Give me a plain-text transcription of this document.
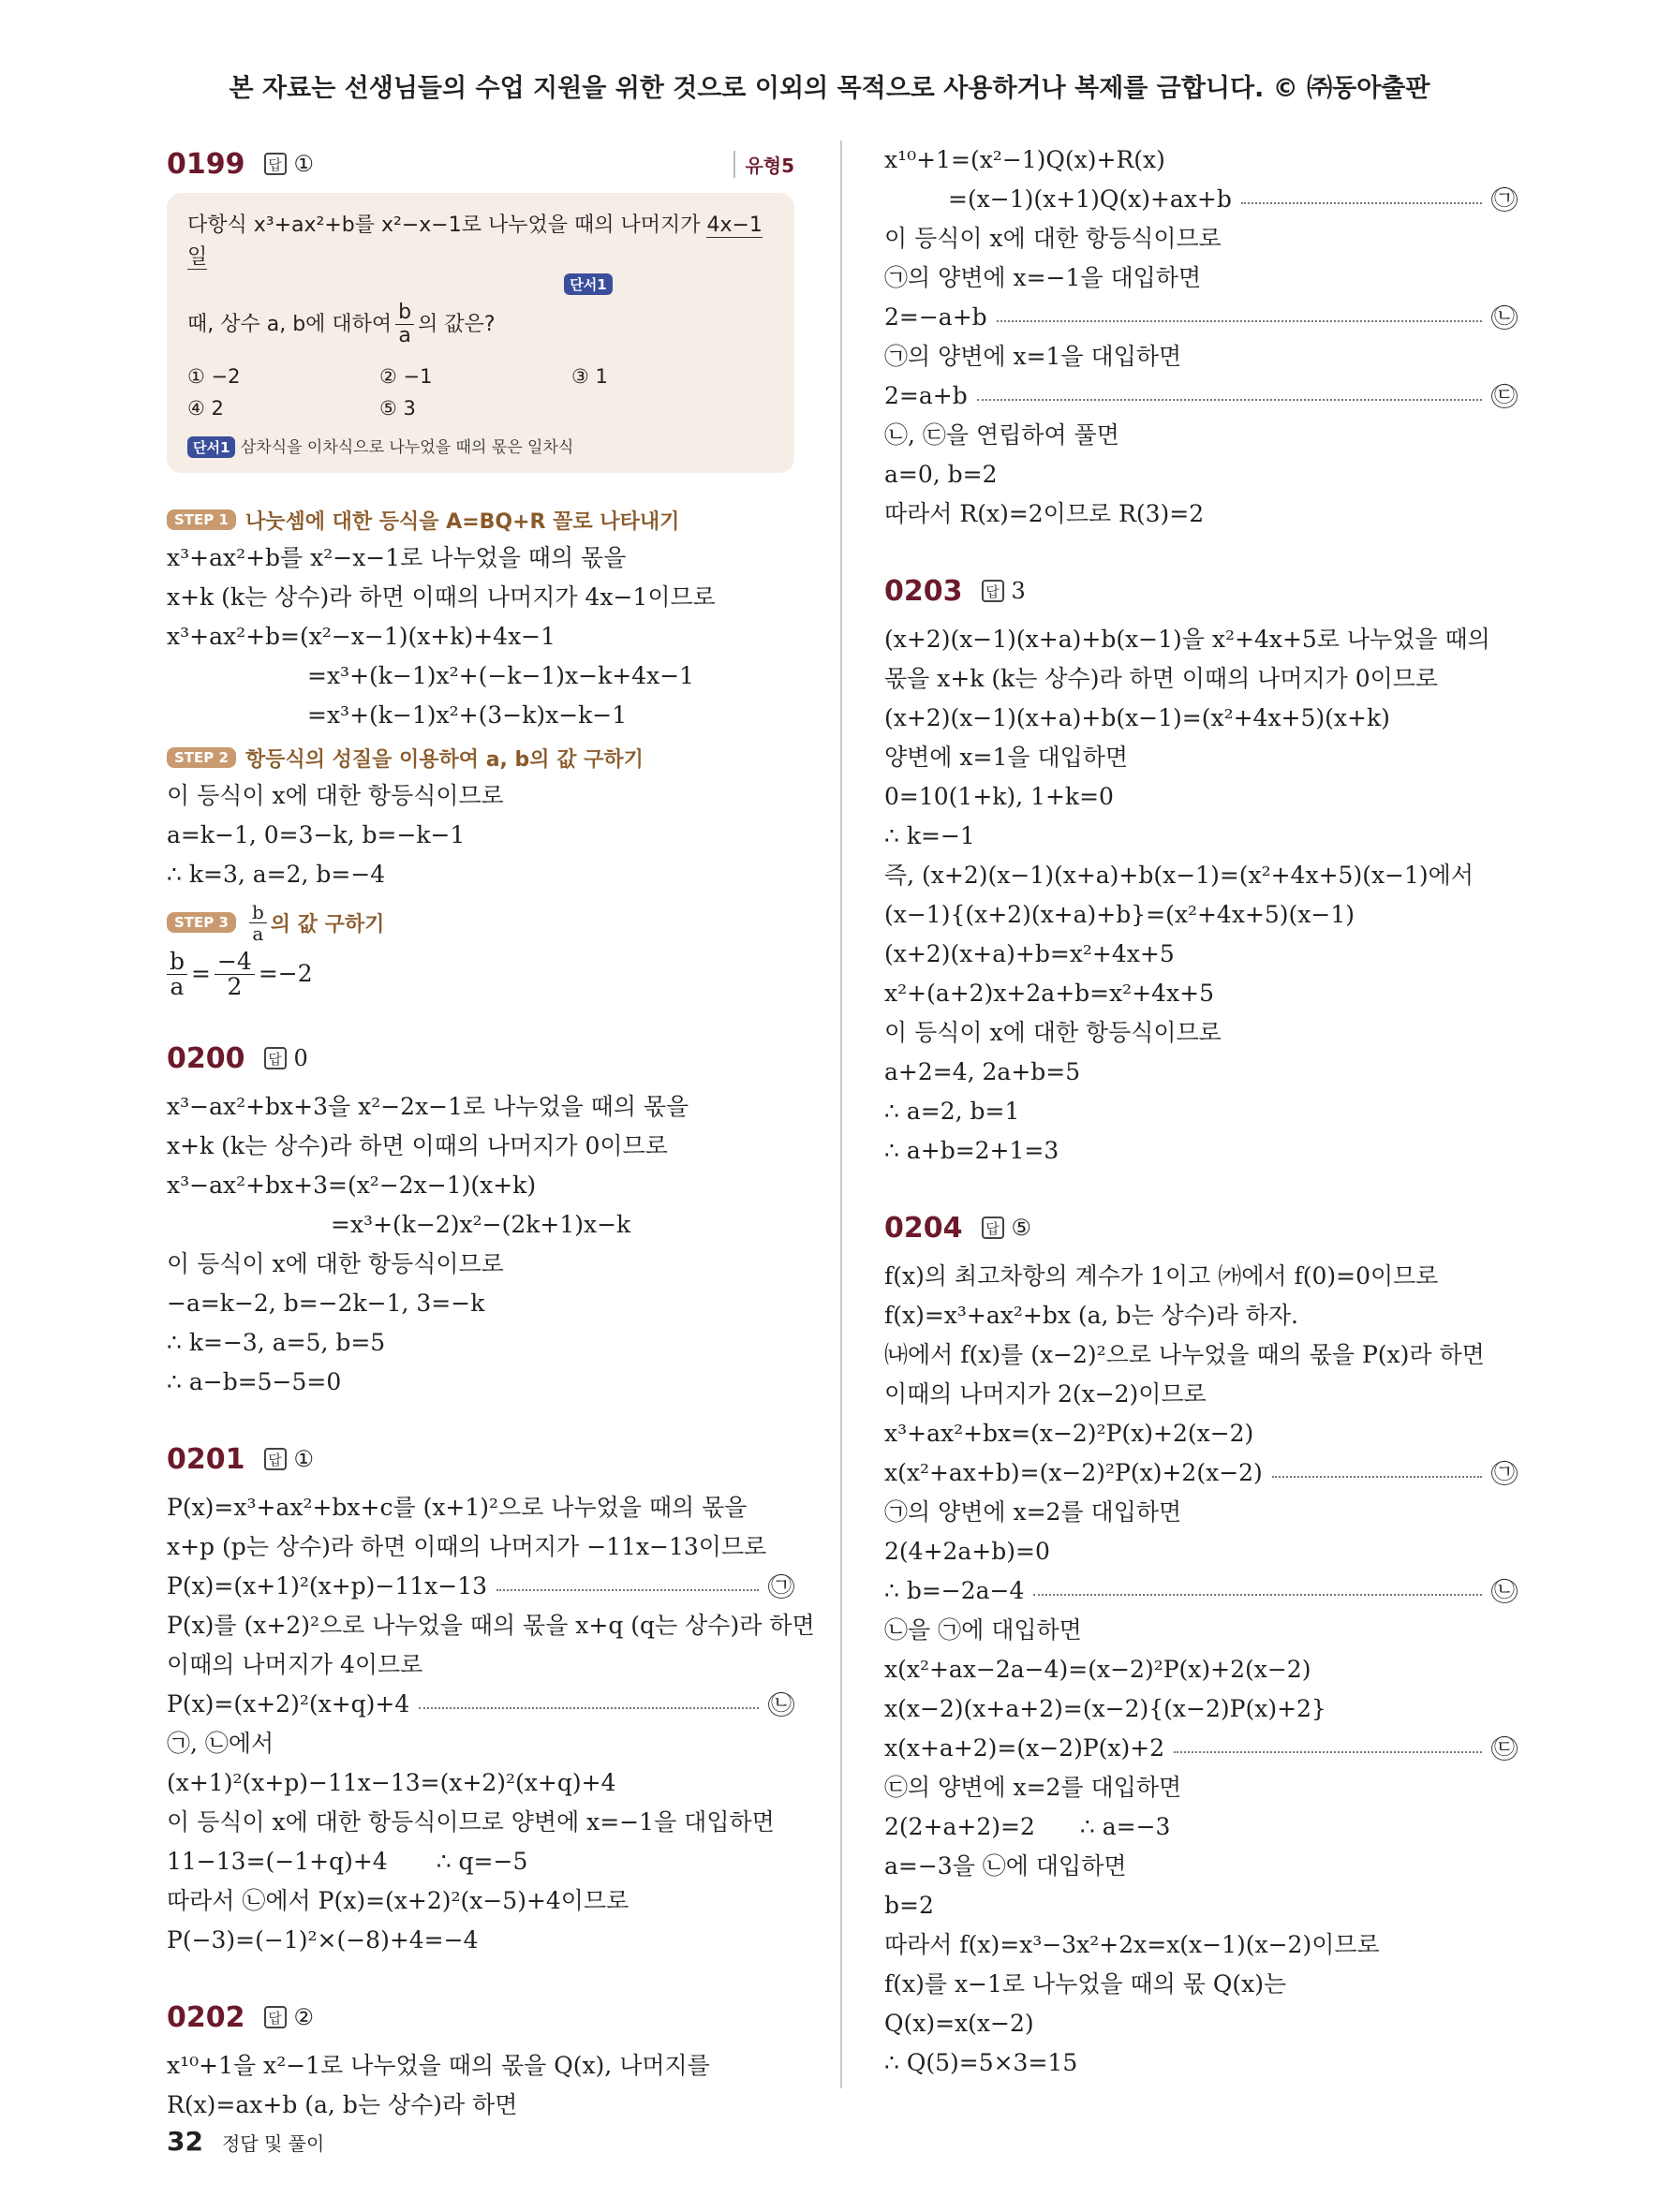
본 자료는 선생님들의 수업 지원을 위한 것으로 이외의 목적으로 사용하거나 복제를 금합니다. © ㈜동아출판
0199	답 ①	유형5
다항식 x³+ax²+b를 x²−x−1로 나누었을 때의 나머지가 4x−1일
단서1
때, 상수 a, b에 대하여 $\frac{b}{a}$ 의 값은?
① −2	② −1	③ 1
④ 2	⑤ 3
단서1 삼차식을 이차식으로 나누었을 때의 몫은 일차식
STEP 1 나눗셈에 대한 등식을 A=BQ+R 꼴로 나타내기
x³+ax²+b를 x²−x−1로 나누었을 때의 몫을
x+k (k는 상수)라 하면 이때의 나머지가 4x−1이므로
x³+ax²+b=(x²−x−1)(x+k)+4x−1
=x³+(k−1)x²+(−k−1)x−k+4x−1
=x³+(k−1)x²+(3−k)x−k−1
STEP 2 항등식의 성질을 이용하여 a, b의 값 구하기
이 등식이 x에 대한 항등식이므로
a=k−1, 0=3−k, b=−k−1
∴ k=3, a=2, b=−4
STEP 3	$\frac{b}{a}$ 의 값 구하기
$\frac{b}{a} = \frac{-4}{2} =-2$
0200	답 0
x³−ax²+bx+3을 x²−2x−1로 나누었을 때의 몫을
x+k (k는 상수)라 하면 이때의 나머지가 0이므로
x³−ax²+bx+3=(x²−2x−1)(x+k)
=x³+(k−2)x²−(2k+1)x−k
이 등식이 x에 대한 항등식이므로
−a=k−2, b=−2k−1, 3=−k
∴ k=−3, a=5, b=5
∴ a−b=5−5=0
0201	답 ①
P(x)=x³+ax²+bx+c를 (x+1)²으로 나누었을 때의 몫을
x+p (p는 상수)라 하면 이때의 나머지가 −11x−13이므로
P(x)=(x+1)²(x+p)−11x−13	㉠
P(x)를 (x+2)²으로 나누었을 때의 몫을 x+q (q는 상수)라 하면
이때의 나머지가 4이므로
P(x)=(x+2)²(x+q)+4	㉡
㉠, ㉡에서
(x+1)²(x+p)−11x−13=(x+2)²(x+q)+4
이 등식이 x에 대한 항등식이므로 양변에 x=−1을 대입하면
11−13=(−1+q)+4 ∴ q=−5
따라서 ㉡에서 P(x)=(x+2)²(x−5)+4이므로
P(−3)=(−1)²×(−8)+4=−4
0202	답 ②
x¹⁰+1을 x²−1로 나누었을 때의 몫을 Q(x), 나머지를
R(x)=ax+b (a, b는 상수)라 하면
x¹⁰+1=(x²−1)Q(x)+R(x)
=(x−1)(x+1)Q(x)+ax+b	㉠
이 등식이 x에 대한 항등식이므로
㉠의 양변에 x=−1을 대입하면
2=−a+b	㉡
㉠의 양변에 x=1을 대입하면
2=a+b	㉢
㉡, ㉢을 연립하여 풀면
a=0, b=2
따라서 R(x)=2이므로 R(3)=2
0203	답 3
(x+2)(x−1)(x+a)+b(x−1)을 x²+4x+5로 나누었을 때의
몫을 x+k (k는 상수)라 하면 이때의 나머지가 0이므로
(x+2)(x−1)(x+a)+b(x−1)=(x²+4x+5)(x+k)
양변에 x=1을 대입하면
0=10(1+k), 1+k=0
∴ k=−1
즉, (x+2)(x−1)(x+a)+b(x−1)=(x²+4x+5)(x−1)에서
(x−1){(x+2)(x+a)+b}=(x²+4x+5)(x−1)
(x+2)(x+a)+b=x²+4x+5
x²+(a+2)x+2a+b=x²+4x+5
이 등식이 x에 대한 항등식이므로
a+2=4, 2a+b=5
∴ a=2, b=1
∴ a+b=2+1=3
0204	답 ⑤
f(x)의 최고차항의 계수가 1이고 ㈎에서 f(0)=0이므로
f(x)=x³+ax²+bx (a, b는 상수)라 하자.
㈏에서 f(x)를 (x−2)²으로 나누었을 때의 몫을 P(x)라 하면
이때의 나머지가 2(x−2)이므로
x³+ax²+bx=(x−2)²P(x)+2(x−2)
x(x²+ax+b)=(x−2)²P(x)+2(x−2)	㉠
㉠의 양변에 x=2를 대입하면
2(4+2a+b)=0
∴ b=−2a−4	㉡
㉡을 ㉠에 대입하면
x(x²+ax−2a−4)=(x−2)²P(x)+2(x−2)
x(x−2)(x+a+2)=(x−2){(x−2)P(x)+2}
x(x+a+2)=(x−2)P(x)+2	㉢
㉢의 양변에 x=2를 대입하면
2(2+a+2)=2 ∴ a=−3
a=−3을 ㉡에 대입하면
b=2
따라서 f(x)=x³−3x²+2x=x(x−1)(x−2)이므로
f(x)를 x−1로 나누었을 때의 몫 Q(x)는
Q(x)=x(x−2)
∴ Q(5)=5×3=15
32 정답 및 풀이
